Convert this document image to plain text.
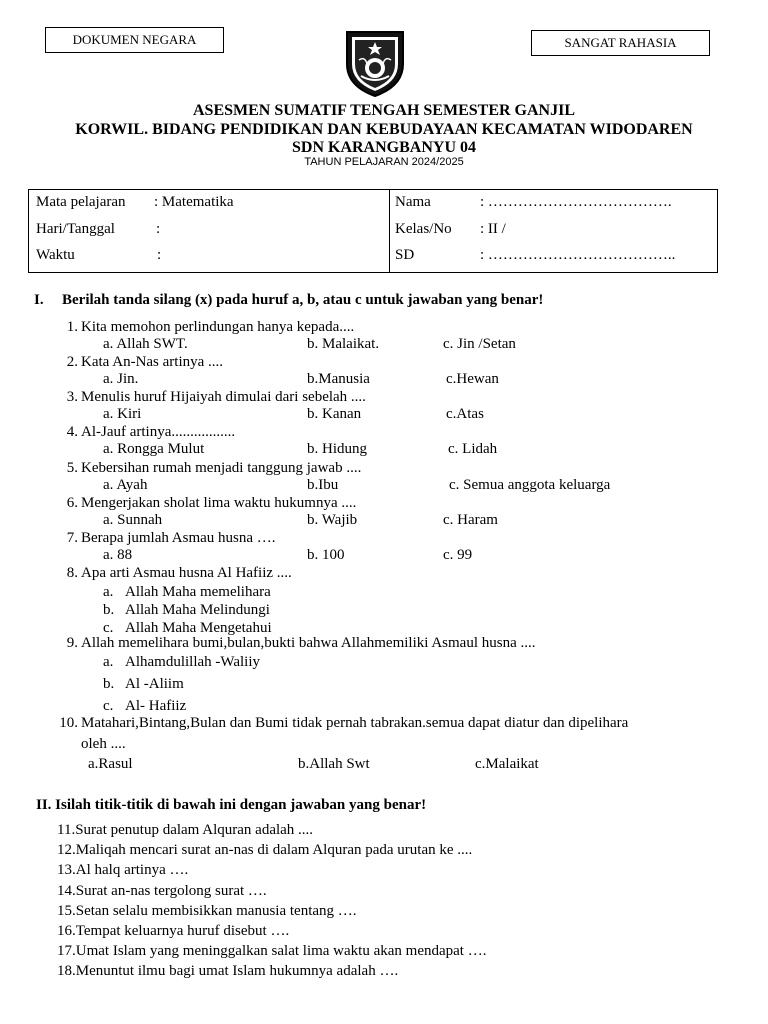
DOKUMEN NEGARA	SANGAT RAHASIA
ASESMEN SUMATIF TENGAH SEMESTER GANJIL
KORWIL. BIDANG PENDIDIKAN DAN KEBUDAYAAN KECAMATAN WIDODAREN
SDN KARANGBANYU 04
TAHUN PELAJARAN 2024/2025
Mata pelajaran : Matematika
Hari/Tanggal	:
Waktu	:
Nama	: ……………………………….
Kelas/No : II /
SD	: ………………………………..
I. Berilah tanda silang (x) pada huruf a, b, atau c untuk jawaban yang benar!
1. Kita memohon perlindungan hanya kepada....
a. Allah SWT.	b. Malaikat.	c. Jin /Setan
2. Kata An-Nas artinya ....
a. Jin.	b.Manusia	c.Hewan
3. Menulis huruf Hijaiyah dimulai dari sebelah ....
a. Kiri	b. Kanan	c.Atas
4. Al-Jauf artinya.................
a. Rongga Mulut	b. Hidung	c. Lidah
5. Kebersihan rumah menjadi tanggung jawab ....
a. Ayah	b.Ibu	c. Semua anggota keluarga
6. Mengerjakan sholat lima waktu hukumnya ....
a. Sunnah	b. Wajib	c. Haram
7. Berapa jumlah Asmau husna ….
a. 88	b. 100	c. 99
8. Apa arti Asmau husna Al Hafiiz ....
a. Allah Maha memelihara
b. Allah Maha Melindungi
c. Allah Maha Mengetahui
9. Allah memelihara bumi,bulan,bukti bahwa Allahmemiliki Asmaul husna ....
a. Alhamdulillah -Waliiy
b. Al -Aliim
c. Al- Hafiiz
10. Matahari,Bintang,Bulan dan Bumi tidak pernah tabrakan.semua dapat diatur dan dipelihara
oleh ....
a.Rasul	b.Allah Swt	c.Malaikat
II. Isilah titik-titik di bawah ini dengan jawaban yang benar!
11.Surat penutup dalam Alquran adalah ....
12.Maliqah mencari surat an-nas di dalam Alquran pada urutan ke ....
13.Al halq artinya ….
14.Surat an-nas tergolong surat ….
15.Setan selalu membisikkan manusia tentang ….
16.Tempat keluarnya huruf disebut ….
17.Umat Islam yang meninggalkan salat lima waktu akan mendapat ….
18.Menuntut ilmu bagi umat Islam hukumnya adalah ….
